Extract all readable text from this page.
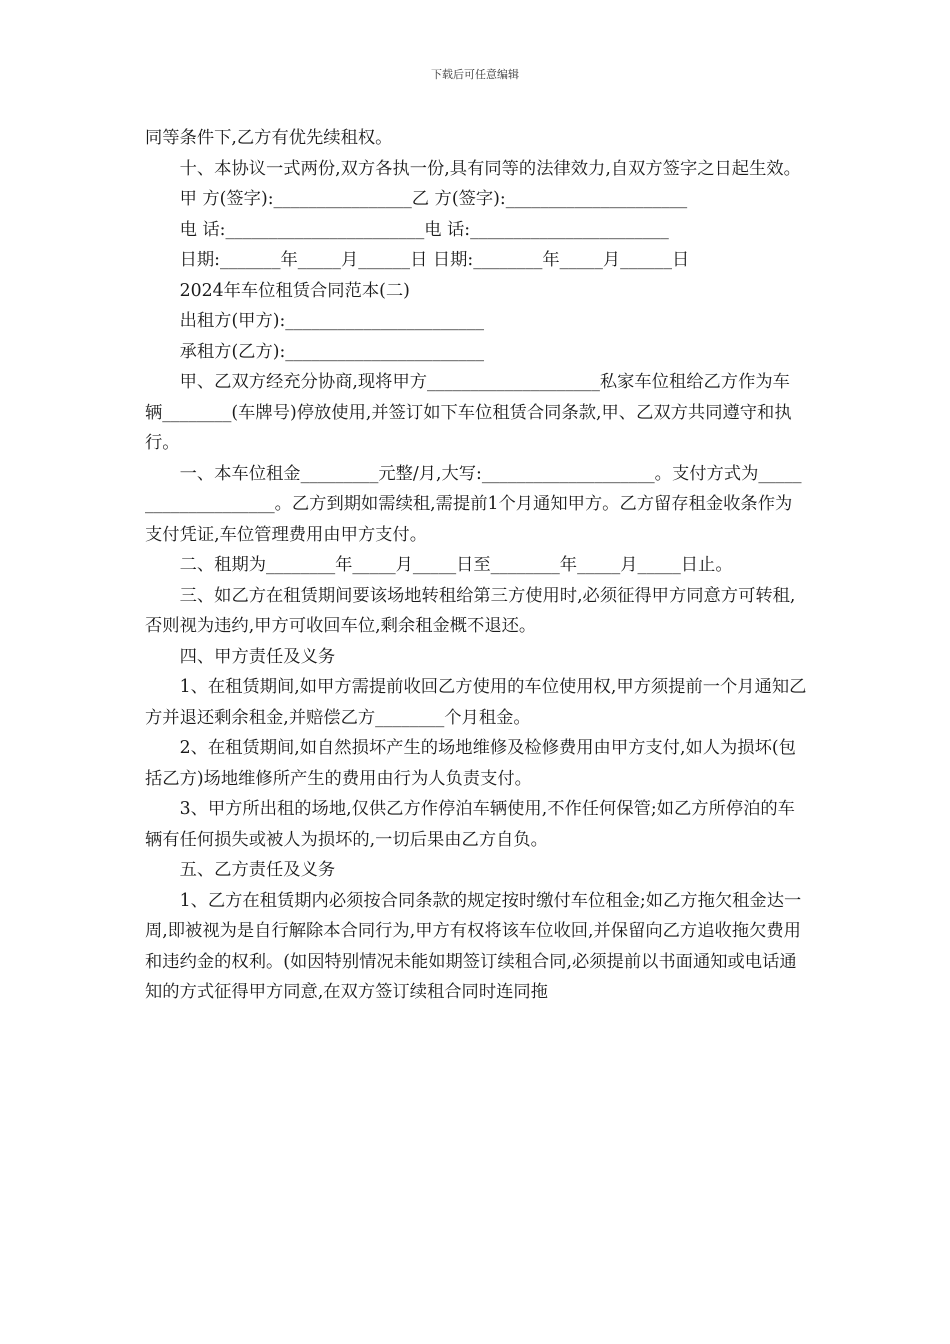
下载后可任意编辑

同等条件下,乙方有优先续租权。

十、本协议一式两份,双方各执一份,具有同等的法律效力,自双方签字之日起生效。

甲 方(签字):________________乙 方(签字):_____________________

电 话:_______________________电 话:_______________________

日期:_______年_____月______日 日期:________年_____月______日

2024年车位租赁合同范本(二)

出租方(甲方):_______________________

承租方(乙方):_______________________

甲、乙双方经充分协商,现将甲方____________________私家车位租给乙方作为车辆________(车牌号)停放使用,并签订如下车位租赁合同条款,甲、乙双方共同遵守和执行。

一、本车位租金_________元整/月,大写:____________________。支付方式为____________________。乙方到期如需续租,需提前1个月通知甲方。乙方留存租金收条作为支付凭证,车位管理费用由甲方支付。

二、租期为________年_____月_____日至________年_____月_____日止。

三、如乙方在租赁期间要该场地转租给第三方使用时,必须征得甲方同意方可转租,否则视为违约,甲方可收回车位,剩余租金概不退还。

四、甲方责任及义务

1、在租赁期间,如甲方需提前收回乙方使用的车位使用权,甲方须提前一个月通知乙方并退还剩余租金,并赔偿乙方________个月租金。

2、在租赁期间,如自然损坏产生的场地维修及检修费用由甲方支付,如人为损坏(包括乙方)场地维修所产生的费用由行为人负责支付。

3、甲方所出租的场地,仅供乙方作停泊车辆使用,不作任何保管;如乙方所停泊的车辆有任何损失或被人为损坏的,一切后果由乙方自负。

五、乙方责任及义务

1、乙方在租赁期内必须按合同条款的规定按时缴付车位租金;如乙方拖欠租金达一周,即被视为是自行解除本合同行为,甲方有权将该车位收回,并保留向乙方追收拖欠费用和违约金的权利。(如因特别情况未能如期签订续租合同,必须提前以书面通知或电话通知的方式征得甲方同意,在双方签订续租合同时连同拖
